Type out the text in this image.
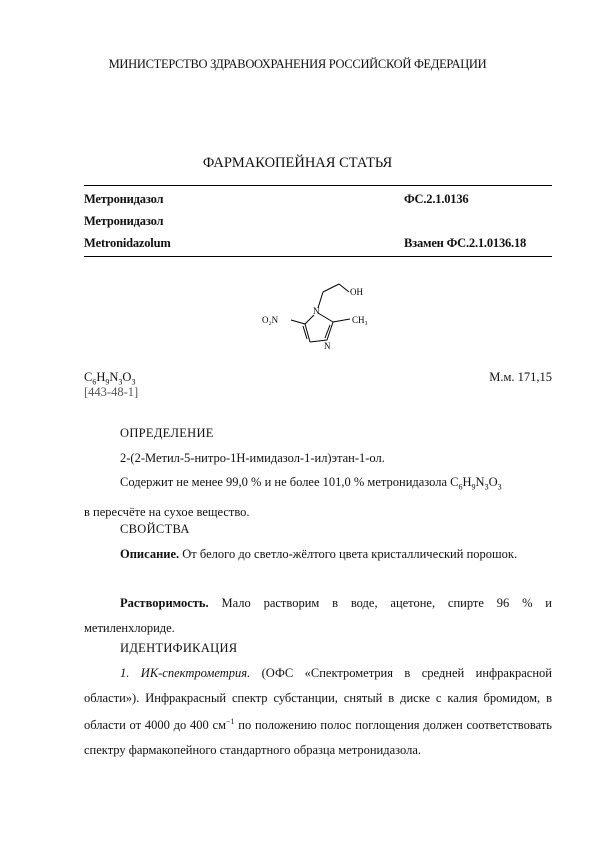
МИНИСТЕРСТВО ЗДРАВООХРАНЕНИЯ РОССИЙСКОЙ ФЕДЕРАЦИИ
ФАРМАКОПЕЙНАЯ СТАТЬЯ
Метронидазол	ФС.2.1.0136
Метронидазол
Metronidazolum	Взамен ФС.2.1.0136.18
OH
N
O₂N	CH₃
N
$C_6H_9N_3O_3$	М.м. 171,15
[443-48-1]
ОПРЕДЕЛЕНИЕ
2-(2-Метил-5-нитро-1H-имидазол-1-ил)этан-1-ол.
Содержит не менее 99,0 % и не более 101,0 % метронидазола $C_6H_9N_3O_3$
в пересчёте на сухое вещество.
СВОЙСТВА
Описание. От белого до светло-жёлтого цвета кристаллический порошок.
Растворимость. Мало растворим в воде, ацетоне, спирте 96 % и метиленхлориде.
ИДЕНТИФИКАЦИЯ
1. ИК-спектрометрия. (ОФС «Спектрометрия в средней инфракрасной области»). Инфракрасный спектр субстанции, снятый в диске с калия бромидом, в области от 4000 до 400 $см^{-1}$ по положению полос поглощения должен соответствовать спектру фармакопейного стандартного образца метронидазола.
